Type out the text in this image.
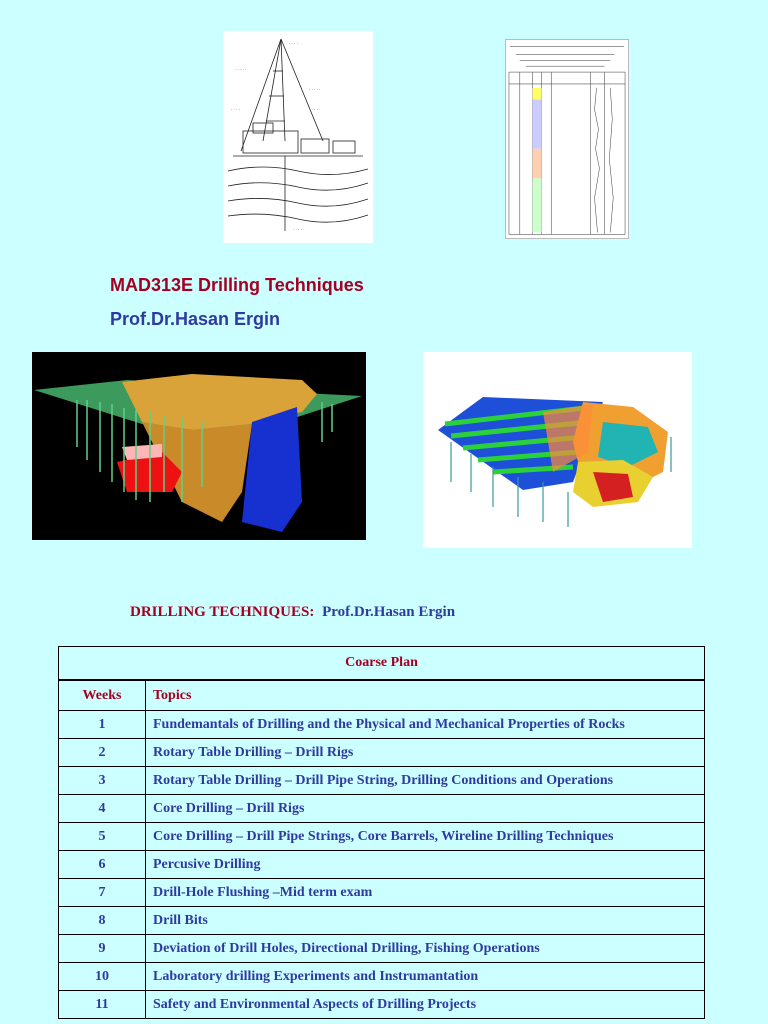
· · · ·
· · · · ·
· · · · ·
· · · ·
· · · ·
· · · ·
MAD313E Drilling Techniques
Prof.Dr.Hasan Ergin
DRILLING TECHNIQUES: Prof.Dr.Hasan Ergin
Coarse Plan	
Weeks	Topics
1	Fundemantals of Drilling and the Physical and Mechanical Properties of Rocks
2	Rotary Table Drilling – Drill Rigs
3	Rotary Table Drilling – Drill Pipe String, Drilling Conditions and Operations
4	Core Drilling – Drill Rigs
5	Core Drilling – Drill Pipe Strings, Core Barrels, Wireline Drilling Techniques
6	Percusive Drilling
7	Drill-Hole Flushing –Mid term exam
8	Drill Bits
9	Deviation of Drill Holes, Directional Drilling, Fishing Operations
10	Laboratory drilling Experiments and Instrumantation
11	Safety and Environmental Aspects of Drilling Projects
